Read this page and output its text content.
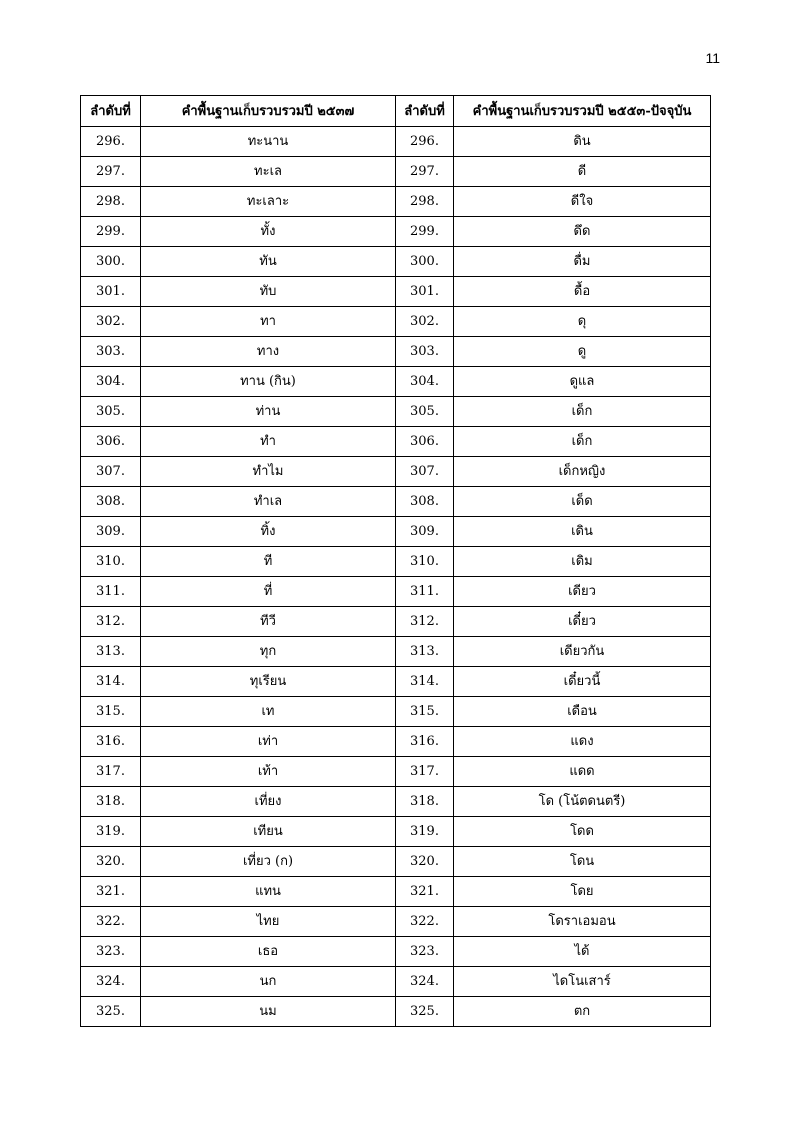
11
ลำดับที่	คำพื้นฐานเก็บรวบรวมปี ๒๕๓๗	ลำดับที่	คำพื้นฐานเก็บรวบรวมปี ๒๕๕๓-ปัจจุบัน
296.	ทะนาน	296.	ดิน
297.	ทะเล	297.	ดี
298.	ทะเลาะ	298.	ดีใจ
299.	ทั้ง	299.	ดึด
300.	ทัน	300.	ดื่ม
301.	ทับ	301.	ดื้อ
302.	ทา	302.	ดุ
303.	ทาง	303.	ดู
304.	ทาน (กิน)	304.	ดูแล
305.	ท่าน	305.	เด็ก
306.	ทำ	306.	เด็ก
307.	ทำไม	307.	เด็กหญิง
308.	ทำเล	308.	เด็ด
309.	ทิ้ง	309.	เดิน
310.	ที	310.	เดิม
311.	ที่	311.	เดียว
312.	ทีวี	312.	เดี๋ยว
313.	ทุก	313.	เดียวกัน
314.	ทุเรียน	314.	เดี๋ยวนี้
315.	เท	315.	เดือน
316.	เท่า	316.	แดง
317.	เท้า	317.	แดด
318.	เที่ยง	318.	โด (โน้ตดนตรี)
319.	เทียน	319.	โดด
320.	เที่ยว (ก)	320.	โดน
321.	แทน	321.	โดย
322.	ไทย	322.	โดราเอมอน
323.	เธอ	323.	ได้
324.	นก	324.	ไดโนเสาร์
325.	นม	325.	ตก
